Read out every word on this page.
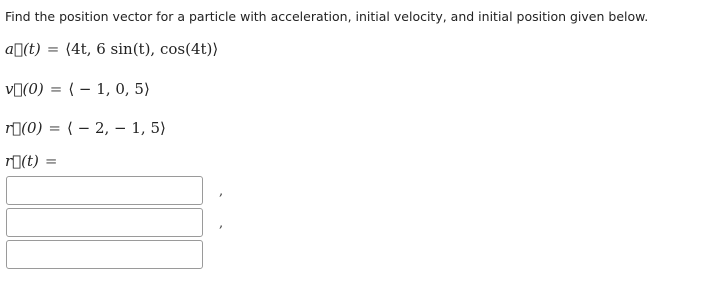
Find the position vector for a particle with acceleration, initial velocity, and initial position given below.
a⃗(t) = ⟨4t, 6 sin(t), cos(4t)⟩
v⃗(0) = ⟨ − 1, 0, 5⟩
r⃗(0) = ⟨ − 2, − 1, 5⟩
r⃗(t) =
,
,
